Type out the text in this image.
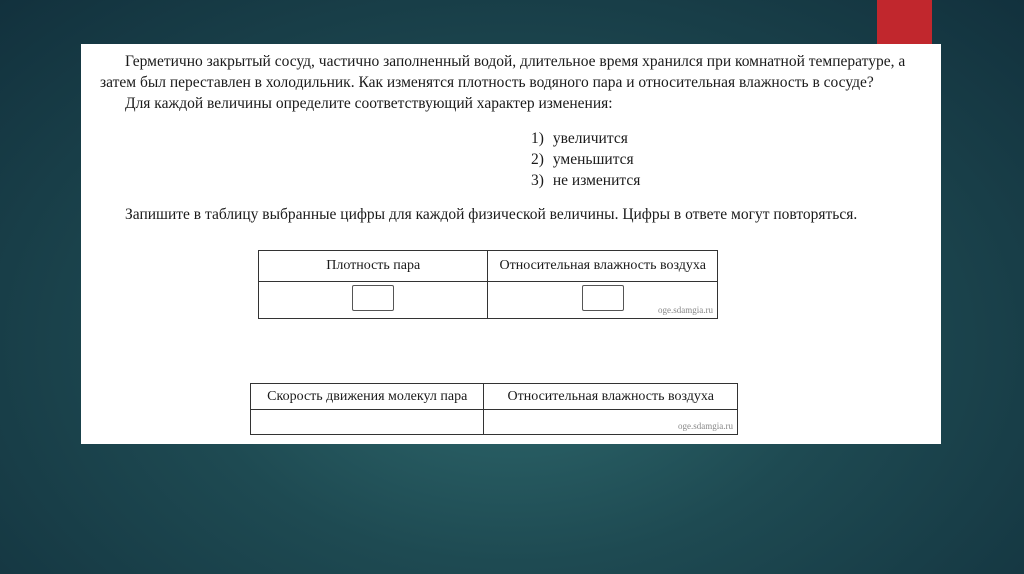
Герметично закрытый сосуд, частично заполненный водой, длительное время хранился при комнатной температуре, а
затем был переставлен в холодильник. Как изменятся плотность водяного пара и относительная влажность в сосуде?
Для каждой величины определите соответствующий характер изменения:
1) увеличится
2) уменьшится
3) не изменится
Запишите в таблицу выбранные цифры для каждой физической величины. Цифры в ответе могут повторяться.
Плотность пара	Относительная влажность воздуха

	oge.sdamgia.ru
Скорость движения молекул пара	Относительная влажность воздуха

	oge.sdamgia.ru
